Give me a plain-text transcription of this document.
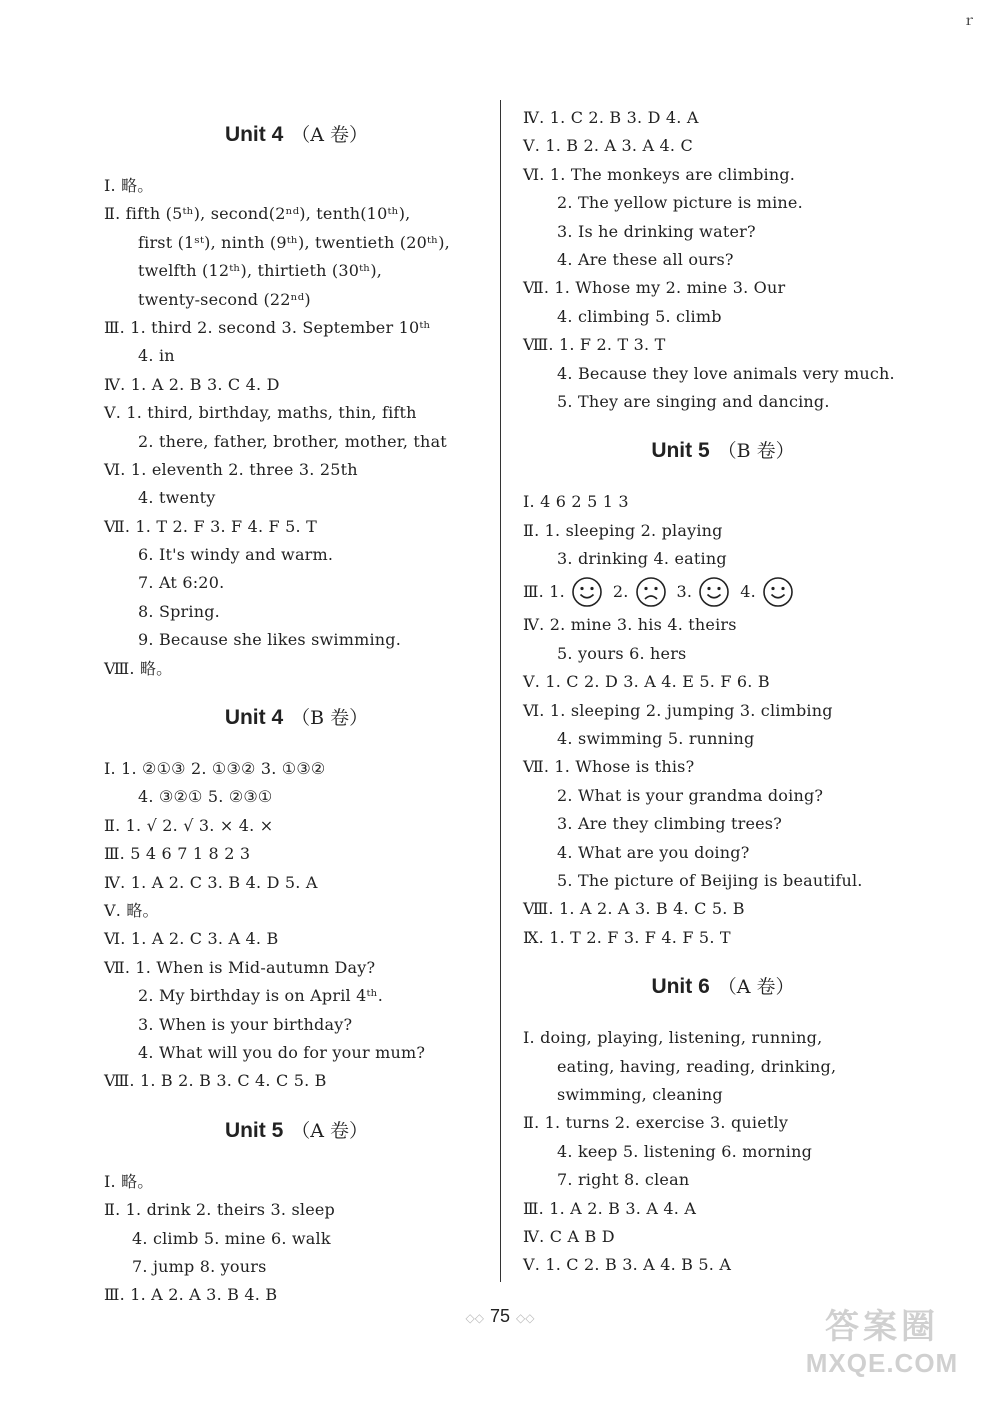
ｒ
Unit 4 （A 卷）
Ⅰ. 略。
Ⅱ. fifth (5ᵗʰ), second(2ⁿᵈ), tenth(10ᵗʰ),
first (1ˢᵗ), ninth (9ᵗʰ), twentieth (20ᵗʰ),
twelfth (12ᵗʰ), thirtieth (30ᵗʰ),
twenty-second (22ⁿᵈ)
Ⅲ. 1. third 2. second 3. September 10ᵗʰ
4. in
Ⅳ. 1. A 2. B 3. C 4. D
Ⅴ. 1. third, birthday, maths, thin, fifth
2. there, father, brother, mother, that
Ⅵ. 1. eleventh 2. three 3. 25th
4. twenty
Ⅶ. 1. T 2. F 3. F 4. F 5. T
6. It's windy and warm.
7. At 6:20.
8. Spring.
9. Because she likes swimming.
Ⅷ. 略。
Unit 4 （B 卷）
Ⅰ. 1. ②①③ 2. ①③② 3. ①③②
4. ③②① 5. ②③①
Ⅱ. 1. √ 2. √ 3. × 4. ×
Ⅲ. 5 4 6 7 1 8 2 3
Ⅳ. 1. A 2. C 3. B 4. D 5. A
Ⅴ. 略。
Ⅵ. 1. A 2. C 3. A 4. B
Ⅶ. 1. When is Mid-autumn Day?
2. My birthday is on April 4ᵗʰ.
3. When is your birthday?
4. What will you do for your mum?
Ⅷ. 1. B 2. B 3. C 4. C 5. B
Unit 5 （A 卷）
Ⅰ. 略。
Ⅱ. 1. drink 2. theirs 3. sleep
4. climb 5. mine 6. walk
7. jump 8. yours
Ⅲ. 1. A 2. A 3. B 4. B
Ⅳ. 1. C 2. B 3. D 4. A
Ⅴ. 1. B 2. A 3. A 4. C
Ⅵ. 1. The monkeys are climbing.
2. The yellow picture is mine.
3. Is he drinking water?
4. Are these all ours?
Ⅶ. 1. Whose my 2. mine 3. Our
4. climbing 5. climb
Ⅷ. 1. F 2. T 3. T
4. Because they love animals very much.
5. They are singing and dancing.
Unit 5 （B 卷）
Ⅰ. 4 6 2 5 1 3
Ⅱ. 1. sleeping 2. playing
3. drinking 4. eating
Ⅲ. 1.	2.	3.	4.
Ⅳ. 2. mine 3. his 4. theirs
5. yours 6. hers
Ⅴ. 1. C 2. D 3. A 4. E 5. F 6. B
Ⅵ. 1. sleeping 2. jumping 3. climbing
4. swimming 5. running
Ⅶ. 1. Whose is this?
2. What is your grandma doing?
3. Are they climbing trees?
4. What are you doing?
5. The picture of Beijing is beautiful.
Ⅷ. 1. A 2. A 3. B 4. C 5. B
Ⅸ. 1. T 2. F 3. F 4. F 5. T
Unit 6 （A 卷）
Ⅰ. doing, playing, listening, running,
eating, having, reading, drinking,
swimming, cleaning
Ⅱ. 1. turns 2. exercise 3. quietly
4. keep 5. listening 6. morning
7. right 8. clean
Ⅲ. 1. A 2. B 3. A 4. A
Ⅳ. C A B D
Ⅴ. 1. C 2. B 3. A 4. B 5. A
◇◇ 75 ◇◇	答案圈
MXQE.COM
